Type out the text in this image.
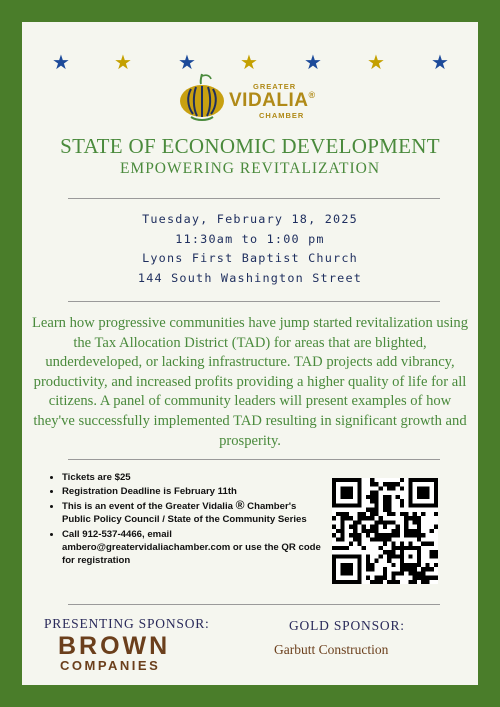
★ ★ ★ ★ ★ ★ ★
GREATER
VIDALIA®
CHAMBER
STATE OF ECONOMIC DEVELOPMENT
EMPOWERING REVITALIZATION
Tuesday, February 18, 2025
11:30am to 1:00 pm
Lyons First Baptist Church
144 South Washington Street
Learn how progressive communities have jump started revitalization using the Tax Allocation District (TAD) for areas that are blighted, underdeveloped, or lacking infrastructure. TAD projects add vibrancy, productivity, and increased profits providing a higher quality of life for all citizens. A panel of community leaders will present examples of how they've successfully implemented TAD resulting in significant growth and prosperity.
• Tickets are $25
• Registration Deadline is February 11th
• This is an event of the Greater Vidalia ® Chamber's Public Policy Council / State of the Community Series
• Call 912-537-4466, email ambero@greatervidaliachamber.com or use the QR code for registration
PRESENTING SPONSOR:
BROWN
COMPANIES
GOLD SPONSOR:
Garbutt Construction
